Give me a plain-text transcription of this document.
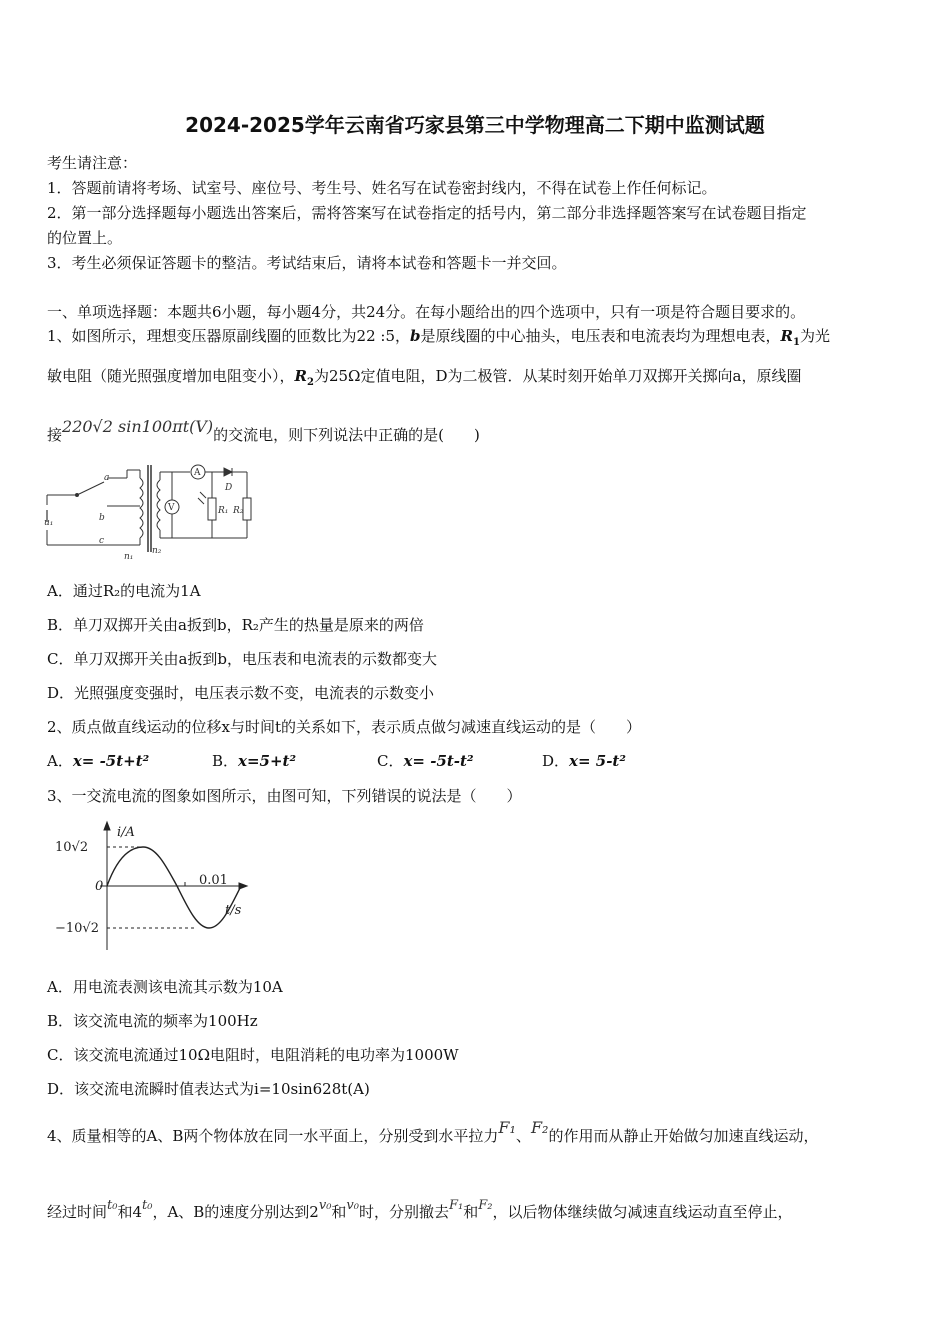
2024-2025学年云南省巧家县第三中学物理高二下期中监测试题
考生请注意：
1．答题前请将考场、试室号、座位号、考生号、姓名写在试卷密封线内，不得在试卷上作任何标记。
2．第一部分选择题每小题选出答案后，需将答案写在试卷指定的括号内，第二部分非选择题答案写在试卷题目指定
的位置上。
3．考生必须保证答题卡的整洁。考试结束后，请将本试卷和答题卡一并交回。
一、单项选择题：本题共6小题，每小题4分，共24分。在每小题给出的四个选项中，只有一项是符合题目要求的。
1、如图所示，理想变压器原副线圈的匝数比为22 :5，b是原线圈的中心抽头，电压表和电流表均为理想电表，$R_1$为光
敏电阻（随光照强度增加电阻变小），$R_2$为25Ω定值电阻，D为二极管．从某时刻开始单刀双掷开关掷向a，原线圈
接220√2 sin100πt(V)的交流电，则下列说法中正确的是(　　)
a
b
c
u₁
n₁
n₂
A
V
D
R₁ R₂
A．通过R₂的电流为1A
B．单刀双掷开关由a扳到b，R₂产生的热量是原来的两倍
C．单刀双掷开关由a扳到b，电压表和电流表的示数都变大
D．光照强度变强时，电压表示数不变，电流表的示数变小
2、质点做直线运动的位移x与时间t的关系如下，表示质点做匀减速直线运动的是（　　）
A．x= -5t+t²	B．x=5+t²	C．x= -5t-t²	D．x= 5-t²
3、一交流电流的图象如图所示，由图可知，下列错误的说法是（　　）
i/A
10√2
0	0.01
t/s
−10√2
A．用电流表测该电流其示数为10A
B．该交流电流的频率为100Hz
C．该交流电流通过10Ω电阻时，电阻消耗的电功率为1000W
D．该交流电流瞬时值表达式为i=10sin628t(A)
4、质量相等的A、B两个物体放在同一水平面上，分别受到水平拉力F₁、F₂的作用而从静止开始做匀加速直线运动，
经过时间t₀和4t₀，A、B的速度分别达到2v₀和v₀时，分别撤去F₁和F₂，以后物体继续做匀减速直线运动直至停止，
